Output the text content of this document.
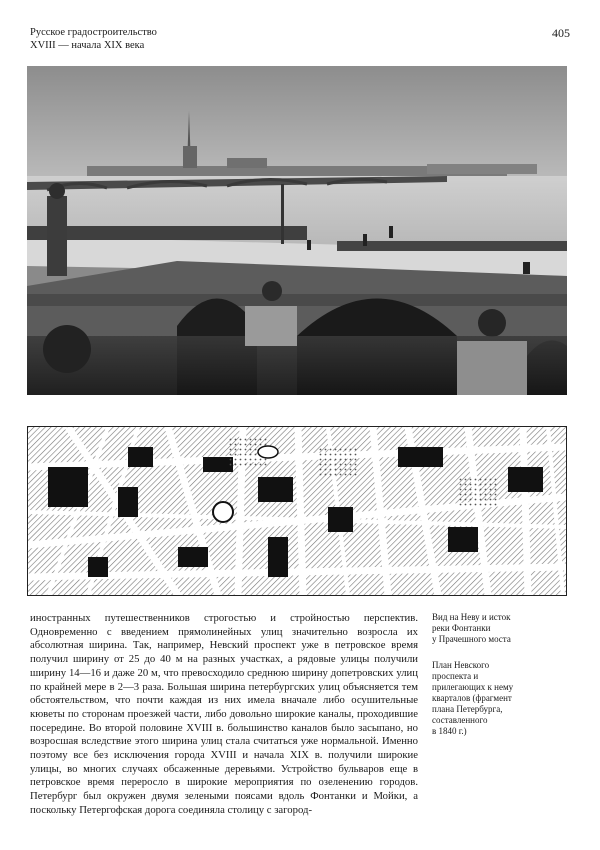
Русское градостроительство
XVIII — начала XIX века
405

иностранных путешественников строгостью и стройностью перспектив. Одновременно с введением прямолинейных улиц значительно возросла их абсолютная ширина. Так, например, Невский проспект уже в петровское время получил ширину от 25 до 40 м на разных участках, а рядовые улицы получили ширину 14—16 и даже 20 м, что превосходило среднюю ширину допетровских улиц по крайней мере в 2—3 раза. Большая ширина петербургских улиц объясняется тем обстоятельством, что почти каждая из них имела вначале либо осушительные кюветы по сторонам проезжей части, либо довольно широкие каналы, проходившие посередине. Во второй половине XVIII в. большинство каналов было засыпано, но возросшая вследствие этого ширина улиц стала считаться уже нормальной. Именно поэтому все без исключения города XVIII и начала XIX в. получили широкие улицы, во многих случаях обсаженные деревьями. Устройство бульваров еще в петровское время переросло в широкие мероприятия по озеленению городов. Петербург был окружен двумя зелеными поясами вдоль Фонтанки и Мойки, а поскольку Петергофская дорога соединяла столицу с загород-

Вид на Неву и исток
реки Фонтанки
у Прачешного моста
План Невского
проспекта и
прилегающих к нему
кварталов (фрагмент
плана Петербурга,
составленного
в 1840 г.)
